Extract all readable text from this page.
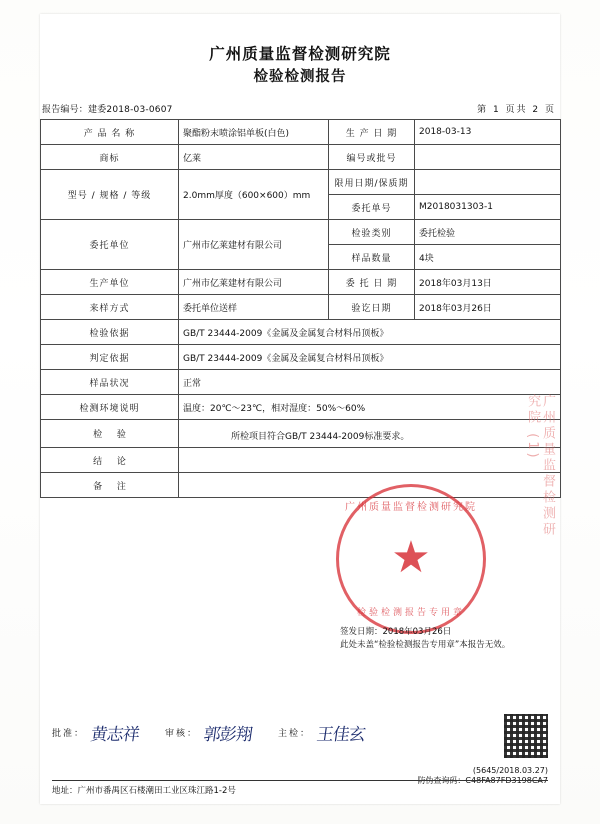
广州质量监督检测研究院
检验检测报告
报告编号：建委2018-03-0607	第 1 页共 2 页
产 品 名 称	聚酯粉末喷涂铝单板(白色)	生 产 日 期	2018-03-13
商标	亿莱	编号或批号	
型号 / 规格 / 等级	2.0mm厚度（600×600）mm	限用日期/保质期	
		委托单号	M2018031303-1
委托单位	广州市亿莱建材有限公司	检验类别	委托检验
		样品数量	4块
生产单位	广州市亿莱建材有限公司	委 托 日 期	2018年03月13日
来样方式	委托单位送样	验讫日期	2018年03月26日
检验依据	GB/T 23444-2009《金属及金属复合材料吊顶板》		
判定依据	GB/T 23444-2009《金属及金属复合材料吊顶板》		
样品状况	正常		
检测环境说明	温度：20℃～23℃，相对湿度：50%～60%		
检 验	所检项目符合GB/T 23444-2009标准要求。		
结 论			
备 注			
广州质量监督检测研究院
★
检验检测报告专用章
广州质量监督检测研究院 (1)
签发日期：2018年03月26日
此处未盖“检验检测报告专用章”本报告无效。
批准： 黄志祥	审核： 郭彭翔	主检： 王佳玄
(5645/2018.03.27)
防伪查询码：C48FA87FD3198CA7
地址：广州市番禺区石楼潮田工业区珠江路1-2号
